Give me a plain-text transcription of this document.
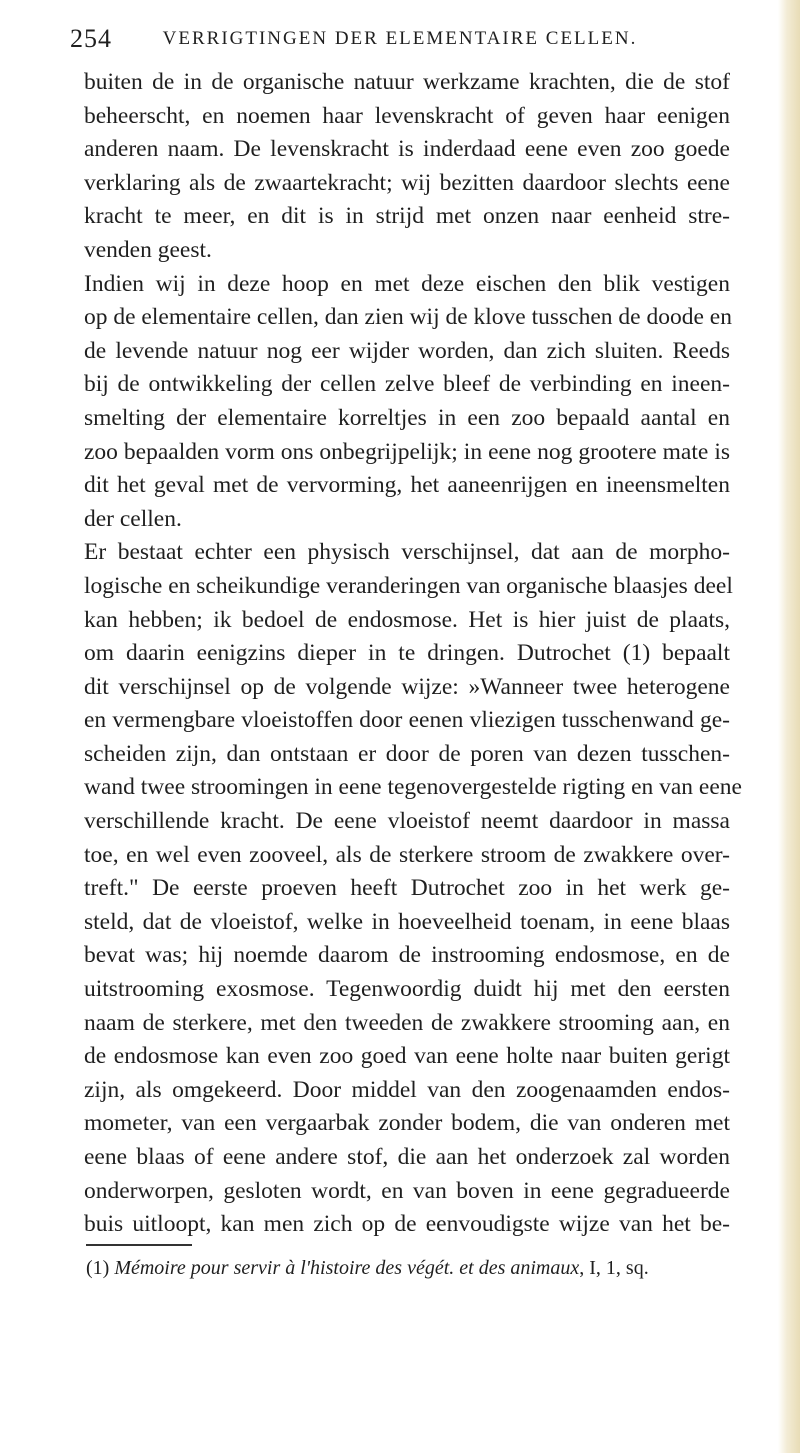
254	VERRIGTINGEN DER ELEMENTAIRE CELLEN.
buiten de in de organische natuur werkzame krachten, die de stof
beheerscht, en noemen haar levenskracht of geven haar eenigen
anderen naam. De levenskracht is inderdaad eene even zoo goede
verklaring als de zwaartekracht; wij bezitten daardoor slechts eene
kracht te meer, en dit is in strijd met onzen naar eenheid stre-
venden geest.
Indien wij in deze hoop en met deze eischen den blik vestigen
op de elementaire cellen, dan zien wij de klove tusschen de doode en
de levende natuur nog eer wijder worden, dan zich sluiten. Reeds
bij de ontwikkeling der cellen zelve bleef de verbinding en ineen-
smelting der elementaire korreltjes in een zoo bepaald aantal en
zoo bepaalden vorm ons onbegrijpelijk; in eene nog grootere mate is
dit het geval met de vervorming, het aaneenrijgen en ineensmelten
der cellen.
Er bestaat echter een physisch verschijnsel, dat aan de morpho-
logische en scheikundige veranderingen van organische blaasjes deel
kan hebben; ik bedoel de endosmose. Het is hier juist de plaats,
om daarin eenigzins dieper in te dringen. Dutrochet (1) bepaalt
dit verschijnsel op de volgende wijze: »Wanneer twee heterogene
en vermengbare vloeistoffen door eenen vliezigen tusschenwand ge-
scheiden zijn, dan ontstaan er door de poren van dezen tusschen-
wand twee stroomingen in eene tegenovergestelde rigting en van eene
verschillende kracht. De eene vloeistof neemt daardoor in massa
toe, en wel even zooveel, als de sterkere stroom de zwakkere over-
treft." De eerste proeven heeft Dutrochet zoo in het werk ge-
steld, dat de vloeistof, welke in hoeveelheid toenam, in eene blaas
bevat was; hij noemde daarom de instrooming endosmose, en de
uitstrooming exosmose. Tegenwoordig duidt hij met den eersten
naam de sterkere, met den tweeden de zwakkere strooming aan, en
de endosmose kan even zoo goed van eene holte naar buiten gerigt
zijn, als omgekeerd. Door middel van den zoogenaamden endos-
mometer, van een vergaarbak zonder bodem, die van onderen met
eene blaas of eene andere stof, die aan het onderzoek zal worden
onderworpen, gesloten wordt, en van boven in eene gegradueerde
buis uitloopt, kan men zich op de eenvoudigste wijze van het be-
(1) Mémoire pour servir à l'histoire des végét. et des animaux, I, 1, sq.
